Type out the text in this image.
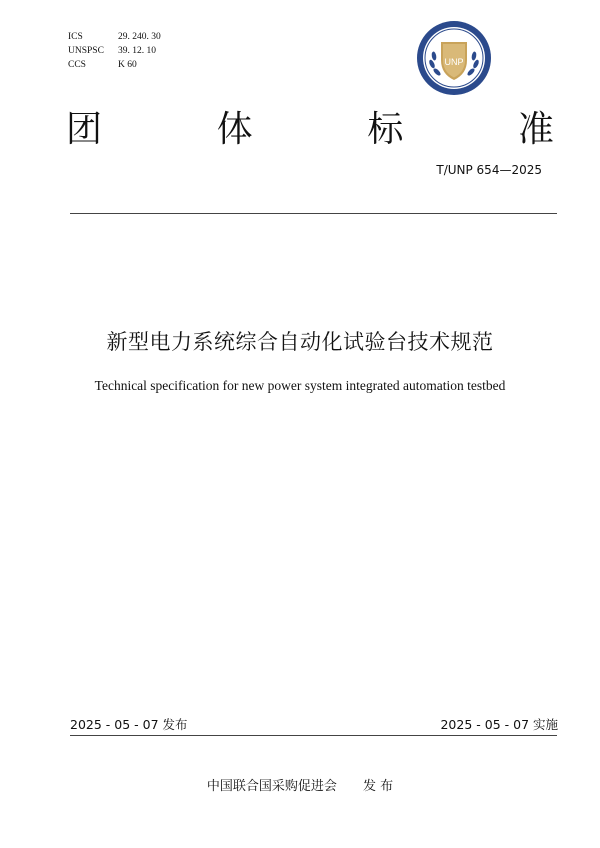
ICS	29. 240. 30
UNSPSC	39. 12. 10
CCS	K 60	UNP
团	体	标	准
T/UNP 654—2025
新型电力系统综合自动化试验台技术规范
Technical specification for new power system integrated automation testbed
2025 - 05 - 07 发布	2025 - 05 - 07 实施
中国联合国采购促进会 发 布
